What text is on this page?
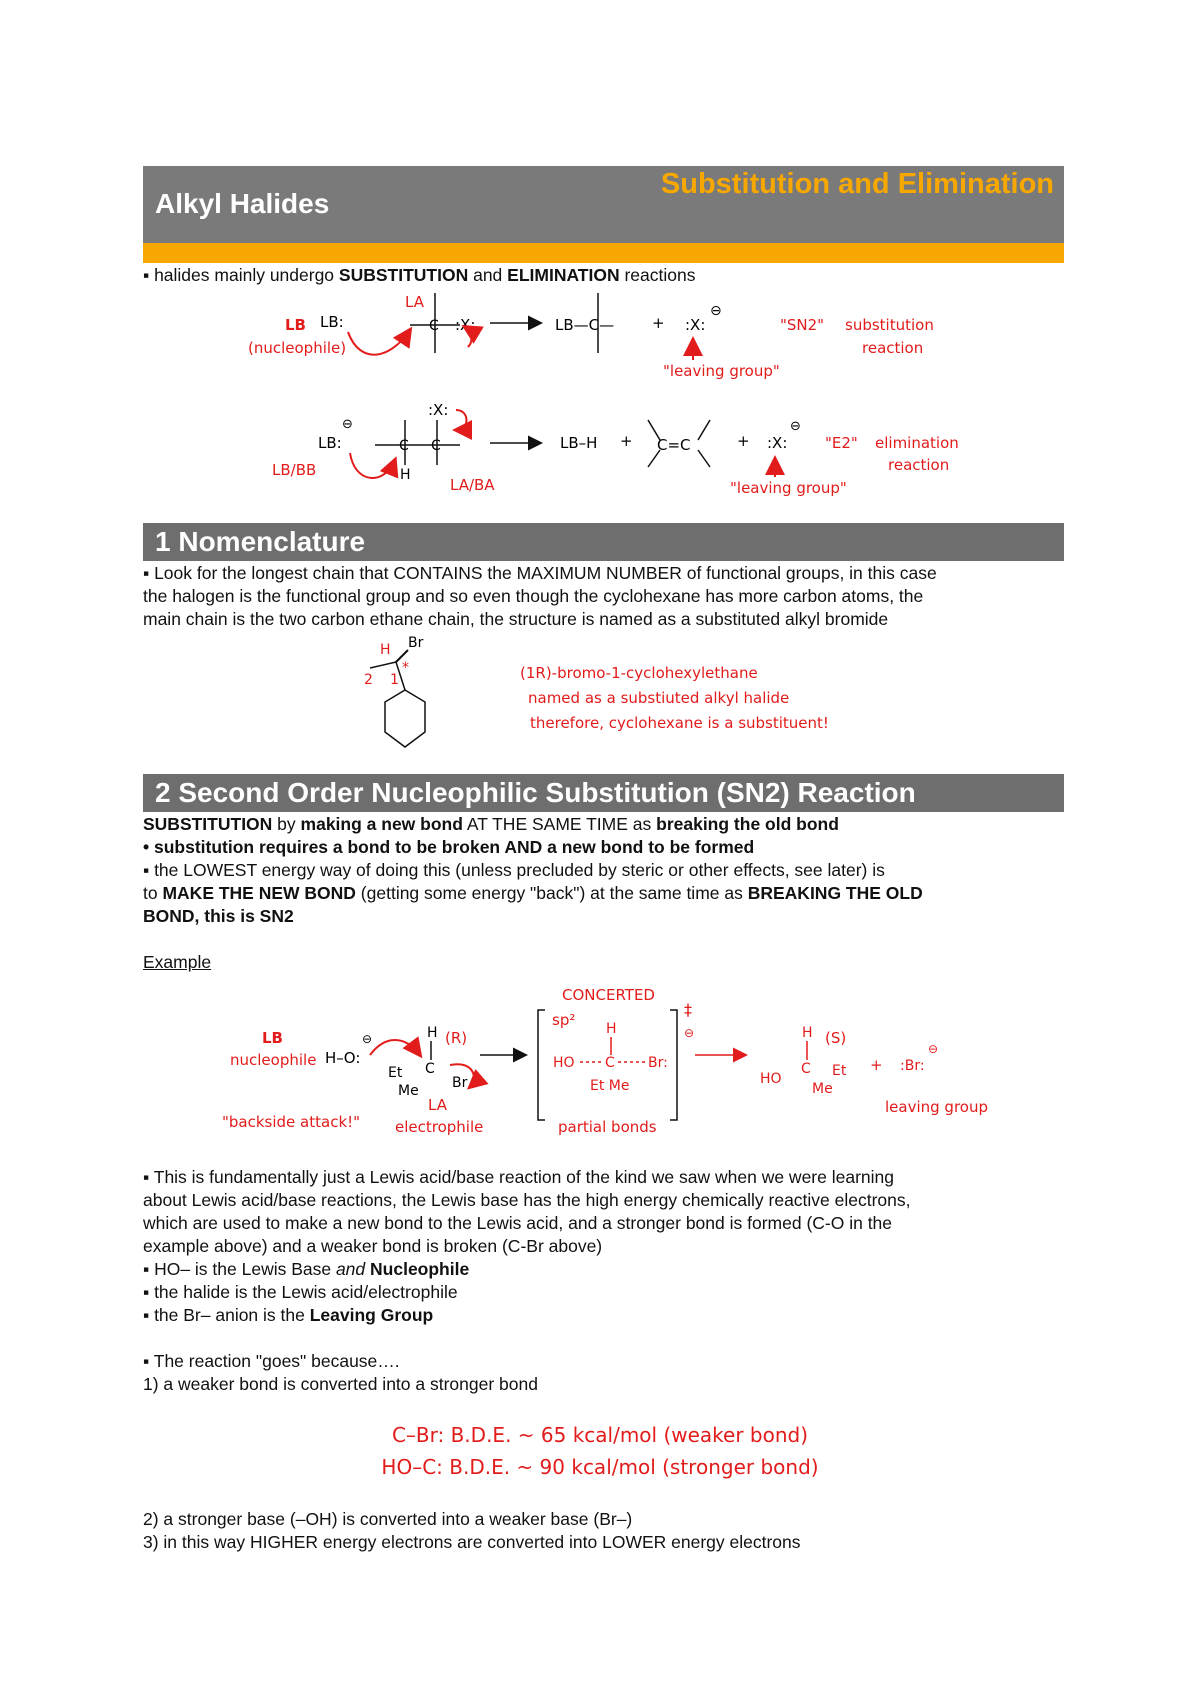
Alkyl Halides
Substitution and Elimination
▪ halides mainly undergo SUBSTITUTION and ELIMINATION reactions
LB
(nucleophile)
LB:
LA
C :X:	LB—C—	+ :X:
⊖
"leaving group"
"SN2" substitution
reaction
LB:
⊖
LB/BB
C C
:X:
H
LA/BA
LB–H + C=C	+ :X:
⊖
"leaving group"
"E2" elimination
reaction
1 Nomenclature
▪ Look for the longest chain that CONTAINS the MAXIMUM NUMBER of functional groups, in this case
the halogen is the functional group and so even though the cyclohexane has more carbon atoms, the
main chain is the two carbon ethane chain, the structure is named as a substituted alkyl bromide
Br
H
*
2 1	(1R)-bromo-1-cyclohexylethane
named as a substiuted alkyl halide
therefore, cyclohexane is a substituent!
2 Second Order Nucleophilic Substitution (SN2) Reaction
SUBSTITUTION by making a new bond AT THE SAME TIME as breaking the old bond
• substitution requires a bond to be broken AND a new bond to be formed
▪ the LOWEST energy way of doing this (unless precluded by steric or other effects, see later) is
to MAKE THE NEW BOND (getting some energy "back") at the same time as BREAKING THE OLD
BOND, this is SN2
Example
LB
nucleophile
"backside attack!"
H–O:
⊖	H (R)
C
Et
Br
Me
LA
electrophile
CONCERTED
sp² H
HO C Br:
Et Me
partial bonds
‡
⊖	H (S)
HO
C Et
Me
+ :Br:
⊖
leaving group
▪ This is fundamentally just a Lewis acid/base reaction of the kind we saw when we were learning
about Lewis acid/base reactions, the Lewis base has the high energy chemically reactive electrons,
which are used to make a new bond to the Lewis acid, and a stronger bond is formed (C-O in the
example above) and a weaker bond is broken (C-Br above)
▪ HO– is the Lewis Base and Nucleophile
▪ the halide is the Lewis acid/electrophile
▪ the Br– anion is the Leaving Group
▪ The reaction "goes" because….
1) a weaker bond is converted into a stronger bond
C–Br: B.D.E. ~ 65 kcal/mol (weaker bond)
HO–C: B.D.E. ~ 90 kcal/mol (stronger bond)
2) a stronger base (–OH) is converted into a weaker base (Br–)
3) in this way HIGHER energy electrons are converted into LOWER energy electrons
